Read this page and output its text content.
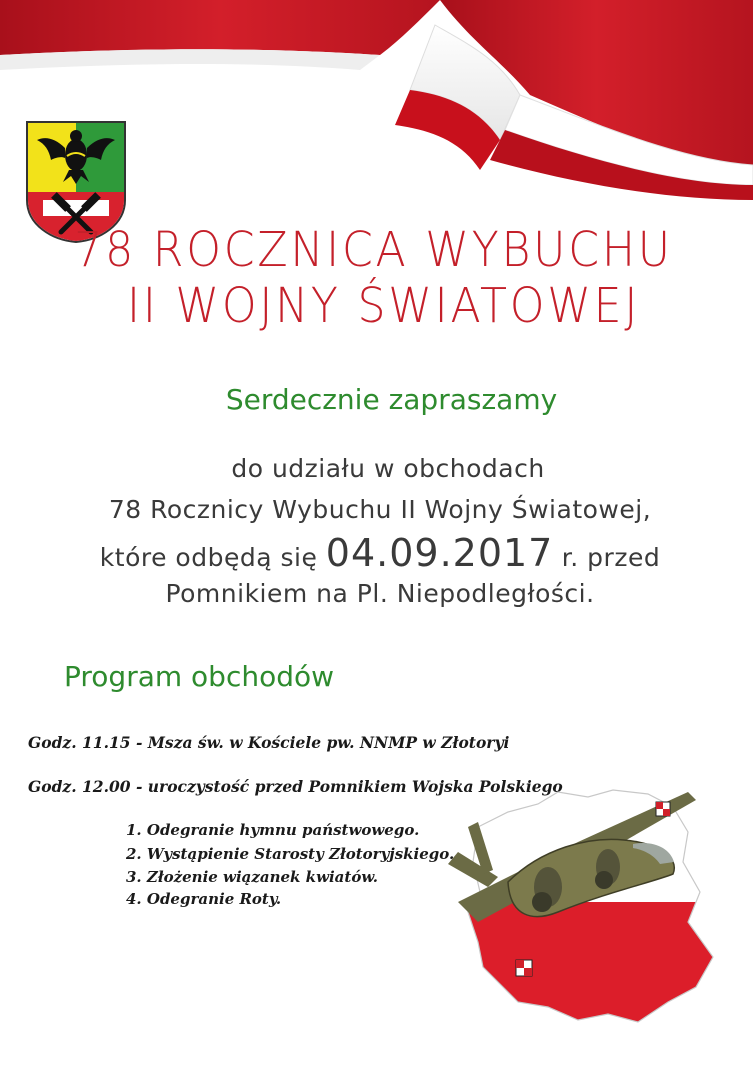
78 ROCZNICA WYBUCHU
II WOJNY ŚWIATOWEJ
Serdecznie zapraszamy
do udziału w obchodach
78 Rocznicy Wybuchu II Wojny Światowej,
które odbędą się 04.09.2017 r. przed
Pomnikiem na Pl. Niepodległości.
Program obchodów
Godz. 11.15 - Msza św. w Kościele pw. NNMP w Złotoryi
Godz. 12.00 - uroczystość przed Pomnikiem Wojska Polskiego
1. Odegranie hymnu państwowego.
2. Wystąpienie Starosty Złotoryjskiego.
3. Złożenie wiązanek kwiatów.
4. Odegranie Roty.
